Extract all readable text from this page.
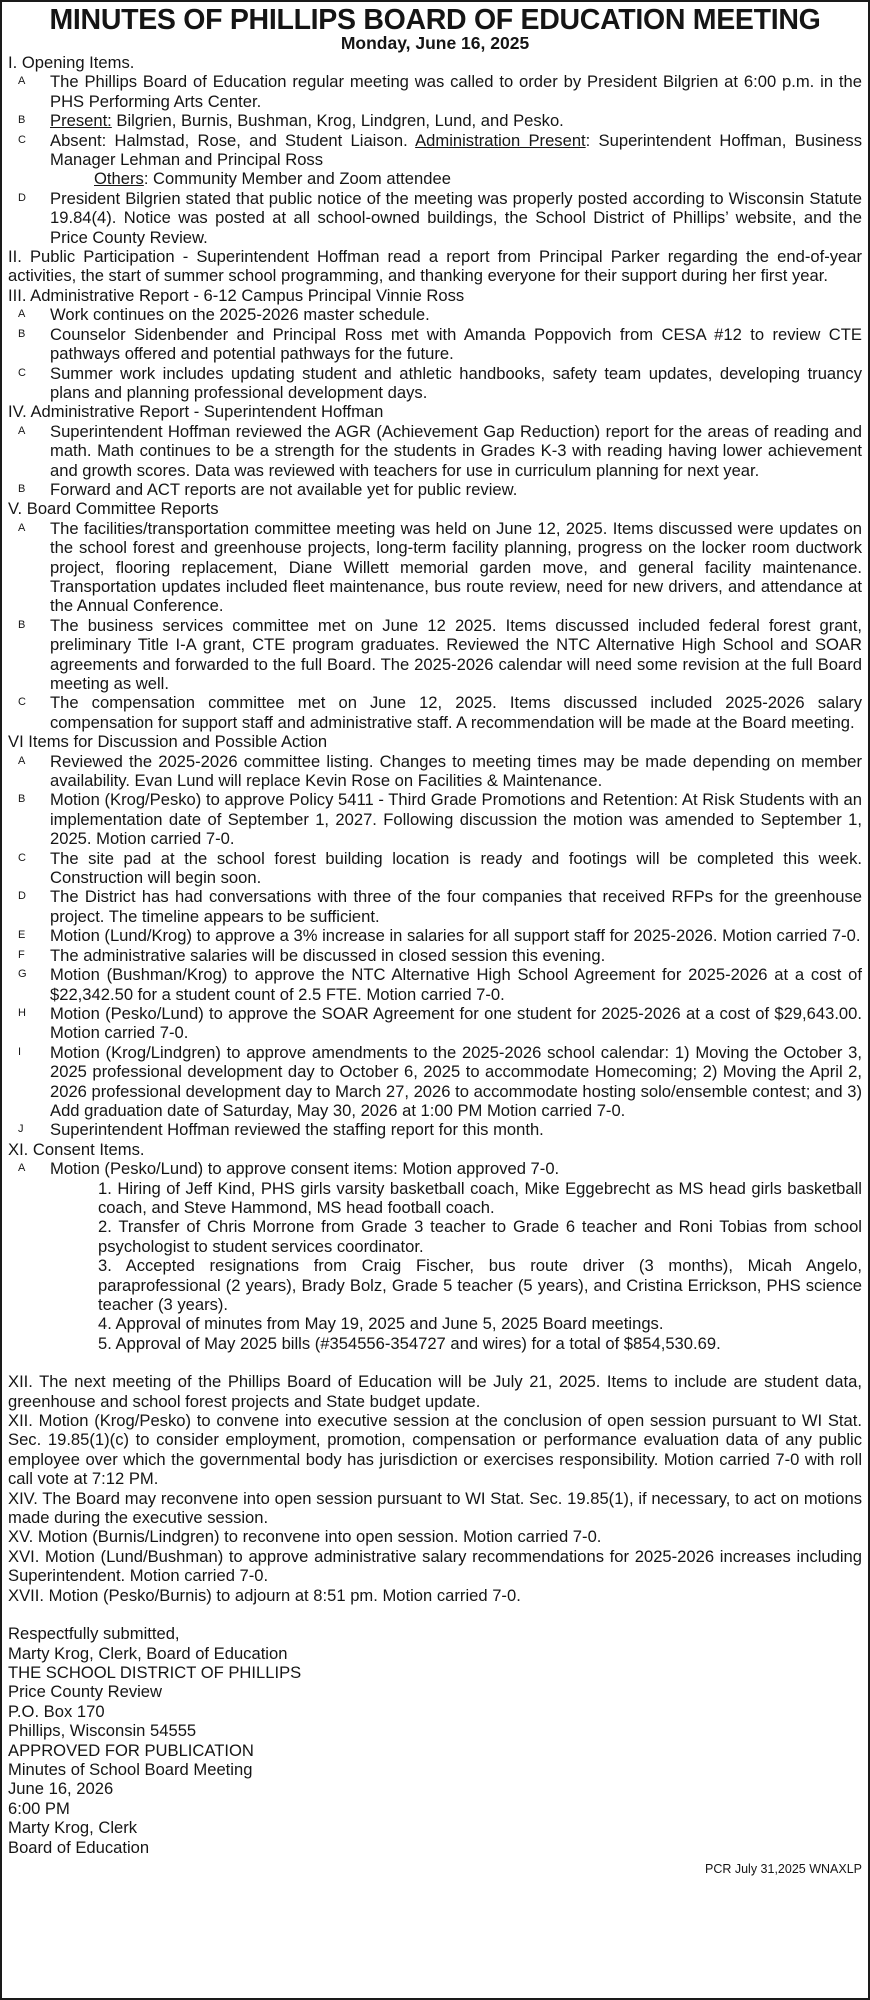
MINUTES OF PHILLIPS BOARD OF EDUCATION MEETING
Monday, June 16, 2025
I. Opening Items.
A	The Phillips Board of Education regular meeting was called to order by President Bilgrien at 6:00 p.m. in the PHS Performing Arts Center.
B	Present: Bilgrien, Burnis, Bushman, Krog, Lindgren, Lund, and Pesko.
C	Absent: Halmstad, Rose, and Student Liaison. Administration Present: Superintendent Hoffman, Business Manager Lehman and Principal Ross
Others: Community Member and Zoom attendee
D	President Bilgrien stated that public notice of the meeting was properly posted according to Wisconsin Statute 19.84(4). Notice was posted at all school-owned buildings, the School District of Phillips’ website, and the Price County Review.
II. Public Participation - Superintendent Hoffman read a report from Principal Parker regarding the end-of-year activities, the start of summer school programming, and thanking everyone for their support during her first year.
III. Administrative Report - 6-12 Campus Principal Vinnie Ross
A	Work continues on the 2025-2026 master schedule.
B	Counselor Sidenbender and Principal Ross met with Amanda Poppovich from CESA #12 to review CTE pathways offered and potential pathways for the future.
C	Summer work includes updating student and athletic handbooks, safety team updates, developing truancy plans and planning professional development days.
IV. Administrative Report - Superintendent Hoffman
A	Superintendent Hoffman reviewed the AGR (Achievement Gap Reduction) report for the areas of reading and math. Math continues to be a strength for the students in Grades K-3 with reading having lower achievement and growth scores. Data was reviewed with teachers for use in curriculum planning for next year.
B	Forward and ACT reports are not available yet for public review.
V. Board Committee Reports
A	The facilities/transportation committee meeting was held on June 12, 2025. Items discussed were updates on the school forest and greenhouse projects, long-term facility planning, progress on the locker room ductwork project, flooring replacement, Diane Willett memorial garden move, and general facility maintenance. Transportation updates included fleet maintenance, bus route review, need for new drivers, and attendance at the Annual Conference.
B	The business services committee met on June 12 2025. Items discussed included federal forest grant, preliminary Title I-A grant, CTE program graduates. Reviewed the NTC Alternative High School and SOAR agreements and forwarded to the full Board. The 2025-2026 calendar will need some revision at the full Board meeting as well.
C	The compensation committee met on June 12, 2025. Items discussed included 2025-2026 salary compensation for support staff and administrative staff. A recommendation will be made at the Board meeting.
VI Items for Discussion and Possible Action
A	Reviewed the 2025-2026 committee listing. Changes to meeting times may be made depending on member availability. Evan Lund will replace Kevin Rose on Facilities & Maintenance.
B	Motion (Krog/Pesko) to approve Policy 5411 - Third Grade Promotions and Retention: At Risk Students with an implementation date of September 1, 2027. Following discussion the motion was amended to September 1, 2025. Motion carried 7-0.
C	The site pad at the school forest building location is ready and footings will be completed this week. Construction will begin soon.
D	The District has had conversations with three of the four companies that received RFPs for the greenhouse project. The timeline appears to be sufficient.
E	Motion (Lund/Krog) to approve a 3% increase in salaries for all support staff for 2025-2026. Motion carried 7-0.
F	The administrative salaries will be discussed in closed session this evening.
G	Motion (Bushman/Krog) to approve the NTC Alternative High School Agreement for 2025-2026 at a cost of $22,342.50 for a student count of 2.5 FTE. Motion carried 7-0.
H	Motion (Pesko/Lund) to approve the SOAR Agreement for one student for 2025-2026 at a cost of $29,643.00. Motion carried 7-0.
I	Motion (Krog/Lindgren) to approve amendments to the 2025-2026 school calendar: 1) Moving the October 3, 2025 professional development day to October 6, 2025 to accommodate Homecoming; 2) Moving the April 2, 2026 professional development day to March 27, 2026 to accommodate hosting solo/ensemble contest; and 3) Add graduation date of Saturday, May 30, 2026 at 1:00 PM Motion carried 7-0.
J	Superintendent Hoffman reviewed the staffing report for this month.
XI. Consent Items.
A	Motion (Pesko/Lund) to approve consent items: Motion approved 7-0.
1. Hiring of Jeff Kind, PHS girls varsity basketball coach, Mike Eggebrecht as MS head girls basketball coach, and Steve Hammond, MS head football coach.
2. Transfer of Chris Morrone from Grade 3 teacher to Grade 6 teacher and Roni Tobias from school psychologist to student services coordinator.
3. Accepted resignations from Craig Fischer, bus route driver (3 months), Micah Angelo, paraprofessional (2 years), Brady Bolz, Grade 5 teacher (5 years), and Cristina Errickson, PHS science teacher (3 years).
4. Approval of minutes from May 19, 2025 and June 5, 2025 Board meetings.
5. Approval of May 2025 bills (#354556-354727 and wires) for a total of $854,530.69.
XII. The next meeting of the Phillips Board of Education will be July 21, 2025. Items to include are student data, greenhouse and school forest projects and State budget update.
XII. Motion (Krog/Pesko) to convene into executive session at the conclusion of open session pursuant to WI Stat. Sec. 19.85(1)(c) to consider employment, promotion, compensation or performance evaluation data of any public employee over which the governmental body has jurisdiction or exercises responsibility. Motion carried 7-0 with roll call vote at 7:12 PM.
XIV. The Board may reconvene into open session pursuant to WI Stat. Sec. 19.85(1), if necessary, to act on motions made during the executive session.
XV. Motion (Burnis/Lindgren) to reconvene into open session. Motion carried 7-0.
XVI. Motion (Lund/Bushman) to approve administrative salary recommendations for 2025-2026 increases including Superintendent. Motion carried 7-0.
XVII. Motion (Pesko/Burnis) to adjourn at 8:51 pm. Motion carried 7-0.
Respectfully submitted,
Marty Krog, Clerk, Board of Education
THE SCHOOL DISTRICT OF PHILLIPS
Price County Review
P.O. Box 170
Phillips, Wisconsin 54555
APPROVED FOR PUBLICATION
Minutes of School Board Meeting
June 16, 2026
6:00 PM
Marty Krog, Clerk
Board of Education
PCR July 31,2025 WNAXLP
